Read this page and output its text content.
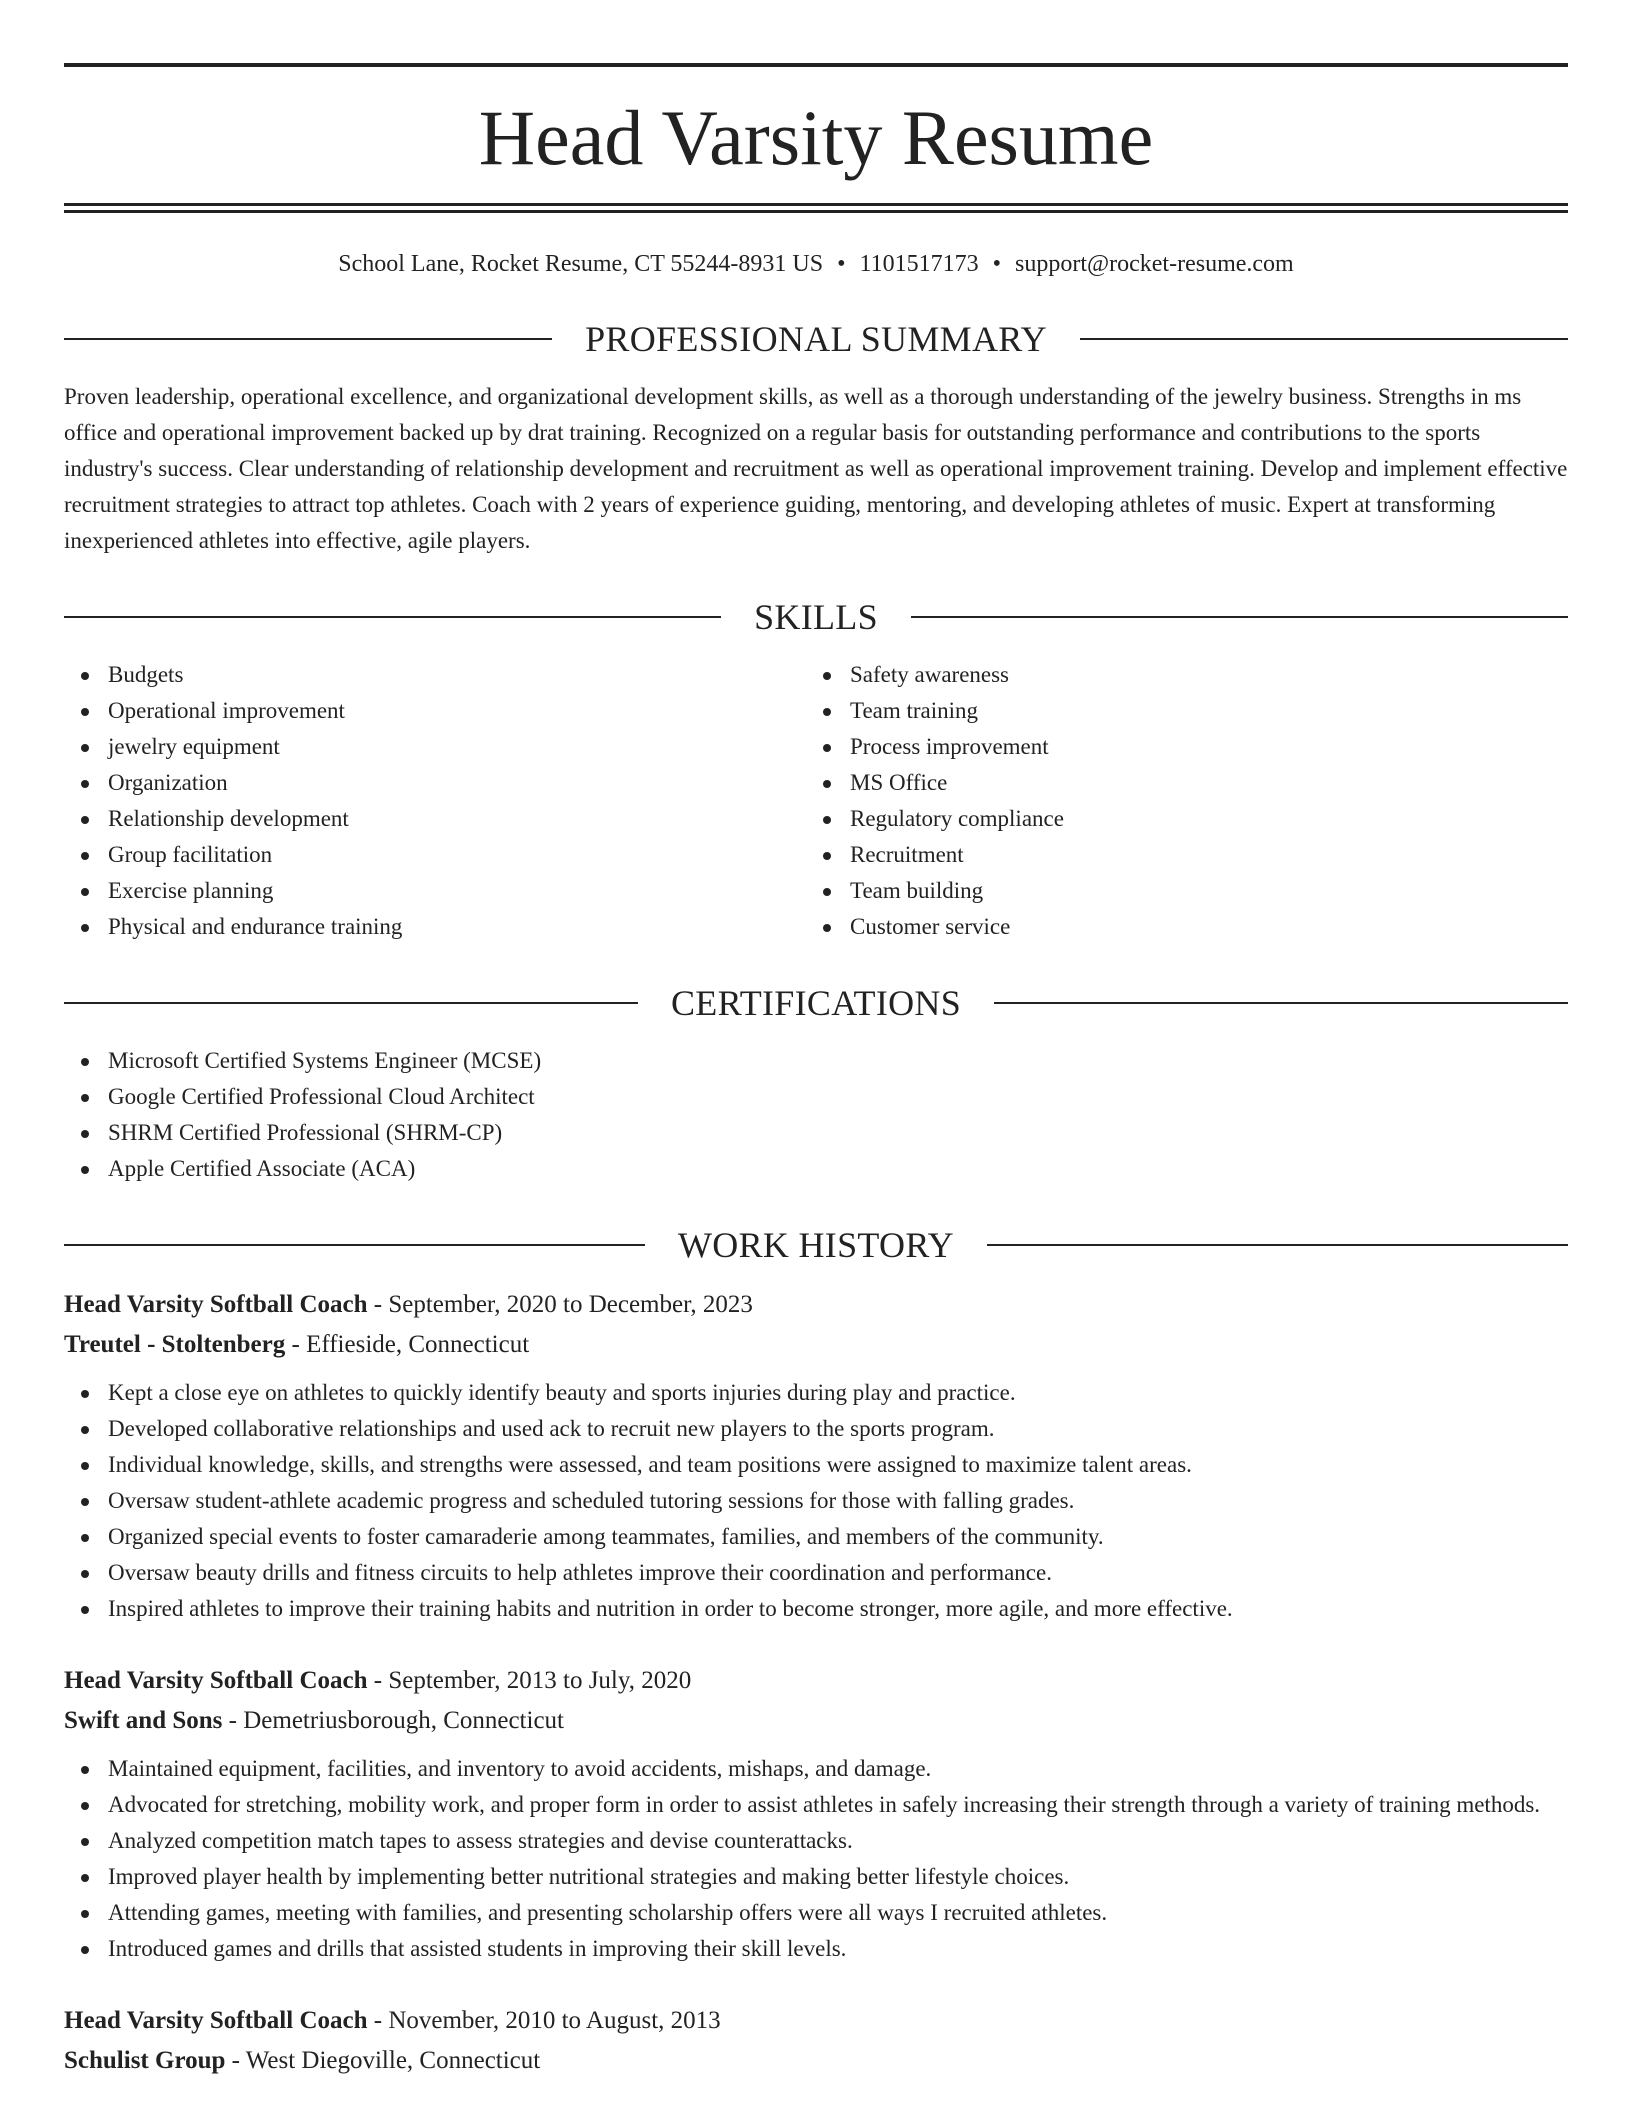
Head Varsity Resume
School Lane, Rocket Resume, CT 55244-8931 US • 1101517173 • support@rocket-resume.com
PROFESSIONAL SUMMARY
Proven leadership, operational excellence, and organizational development skills, as well as a thorough understanding of the jewelry business. Strengths in ms office and operational improvement backed up by drat training. Recognized on a regular basis for outstanding performance and contributions to the sports industry's success. Clear understanding of relationship development and recruitment as well as operational improvement training. Develop and implement effective recruitment strategies to attract top athletes. Coach with 2 years of experience guiding, mentoring, and developing athletes of music. Expert at transforming inexperienced athletes into effective, agile players.
SKILLS
Budgets
Operational improvement
jewelry equipment
Organization
Relationship development
Group facilitation
Exercise planning
Physical and endurance training
Safety awareness
Team training
Process improvement
MS Office
Regulatory compliance
Recruitment
Team building
Customer service
CERTIFICATIONS
Microsoft Certified Systems Engineer (MCSE)
Google Certified Professional Cloud Architect
SHRM Certified Professional (SHRM-CP)
Apple Certified Associate (ACA)
WORK HISTORY
Head Varsity Softball Coach - September, 2020 to December, 2023
Treutel - Stoltenberg - Effieside, Connecticut
Kept a close eye on athletes to quickly identify beauty and sports injuries during play and practice.
Developed collaborative relationships and used ack to recruit new players to the sports program.
Individual knowledge, skills, and strengths were assessed, and team positions were assigned to maximize talent areas.
Oversaw student-athlete academic progress and scheduled tutoring sessions for those with falling grades.
Organized special events to foster camaraderie among teammates, families, and members of the community.
Oversaw beauty drills and fitness circuits to help athletes improve their coordination and performance.
Inspired athletes to improve their training habits and nutrition in order to become stronger, more agile, and more effective.
Head Varsity Softball Coach - September, 2013 to July, 2020
Swift and Sons - Demetriusborough, Connecticut
Maintained equipment, facilities, and inventory to avoid accidents, mishaps, and damage.
Advocated for stretching, mobility work, and proper form in order to assist athletes in safely increasing their strength through a variety of training methods.
Analyzed competition match tapes to assess strategies and devise counterattacks.
Improved player health by implementing better nutritional strategies and making better lifestyle choices.
Attending games, meeting with families, and presenting scholarship offers were all ways I recruited athletes.
Introduced games and drills that assisted students in improving their skill levels.
Head Varsity Softball Coach - November, 2010 to August, 2013
Schulist Group - West Diegoville, Connecticut
